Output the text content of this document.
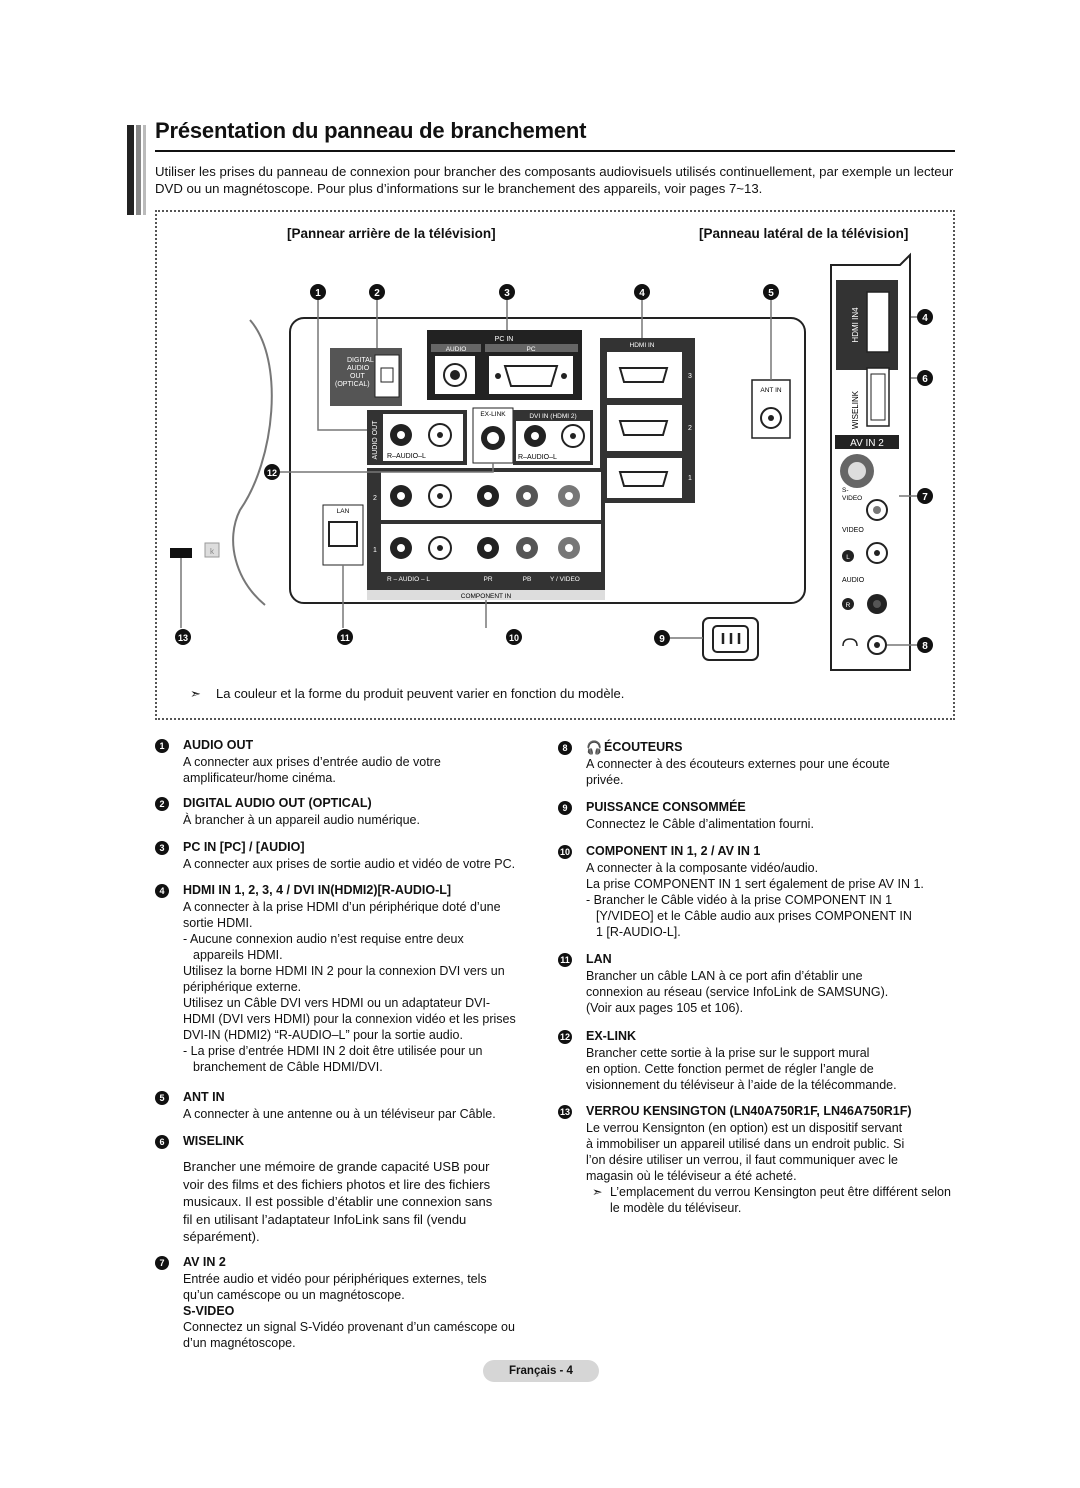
Présentation du panneau de branchement
Utiliser les prises du panneau de connexion pour brancher des composants audiovisuels utilisés continuellement, par exemple un lecteur DVD ou un magnétoscope. Pour plus d’informations sur le branchement des appareils, voir pages 7~13.
[Pannear arrière de la télévision]	[Panneau latéral de la télévision]
k
DIGITAL
AUDIO
OUT
(OPTICAL)
PC IN
AUDIO	PC
HDMI IN
3
2
1
ANT IN
AUDIO OUT R–AUDIO–L
EX-LINK	DVI IN (HDMI 2)
R–AUDIO–L
LAN
2
1
AV
IN
1
R – AUDIO – L	PR	PB	Y / VIDEO
COMPONENT IN
HDMI IN4
WISELINK
AV IN 2
S-
VIDEO
VIDEO
L
AUDIO
R
1	2	3	4	5
4
6
7
8
9
10
11
12
13
➣ La couleur et la forme du produit peuvent varier en fonction du modèle.
1	AUDIO OUT

A connecter aux prises d’entrée audio de votre

amplificateur/home cinéma.

2	DIGITAL AUDIO OUT (OPTICAL)

À brancher à un appareil audio numérique.

3	PC IN [PC] / [AUDIO]

A connecter aux prises de sortie audio et vidéo de votre PC.

4	HDMI IN 1, 2, 3, 4 / DVI IN(HDMI2)[R-AUDIO-L]

A connecter à la prise HDMI d’un périphérique doté d’une

sortie HDMI.

- Aucune connexion audio n’est requise entre deux

appareils HDMI.

Utilisez la borne HDMI IN 2 pour la connexion DVI vers un

périphérique externe.

Utilisez un Câble DVI vers HDMI ou un adaptateur DVI-

HDMI (DVI vers HDMI) pour la connexion vidéo et les prises

DVI-IN (HDMI2) “R-AUDIO–L” pour la sortie audio.

- La prise d’entrée HDMI IN 2 doit être utilisée pour un

branchement de Câble HDMI/DVI.

5	ANT IN

A connecter à une antenne ou à un téléviseur par Câble.

6	WISELINK

Brancher une mémoire de grande capacité USB pour

voir des films et des fichiers photos et lire des fichiers

musicaux. Il est possible d’établir une connexion sans

fil en utilisant l’adaptateur InfoLink sans fil (vendu

séparément).

7	AV IN 2

Entrée audio et vidéo pour périphériques externes, tels

qu’un caméscope ou un magnétoscope.

S-VIDEO

Connectez un signal S-Vidéo provenant d’un caméscope ou

d’un magnétoscope.

8	🎧 ÉCOUTEURS

A connecter à des écouteurs externes pour une écoute

privée.

9	PUISSANCE CONSOMMÉE

Connectez le Câble d’alimentation fourni.

10 COMPONENT IN 1, 2 / AV IN 1

A connecter à la composante vidéo/audio.

La prise COMPONENT IN 1 sert également de prise AV IN 1.

- Brancher le Câble vidéo à la prise COMPONENT IN 1

[Y/VIDEO] et le Câble audio aux prises COMPONENT IN

1 [R-AUDIO-L].

11 LAN

Brancher un câble LAN à ce port afin d’établir une

connexion au réseau (service InfoLink de SAMSUNG).

(Voir aux pages 105 et 106).

12 EX-LINK

Brancher cette sortie à la prise sur le support mural

en option. Cette fonction permet de régler l’angle de

visionnement du téléviseur à l’aide de la télécommande.

13 VERROU KENSINGTON (LN40A750R1F, LN46A750R1F)

Le verrou Kensignton (en option) est un dispositif servant

à immobiliser un appareil utilisé dans un endroit public. Si

l’on désire utiliser un verrou, il faut communiquer avec le

magasin où le téléviseur a été acheté.

➣ L’emplacement du verrou Kensington peut être différent selon le modèle du téléviseur.

Français - 4
